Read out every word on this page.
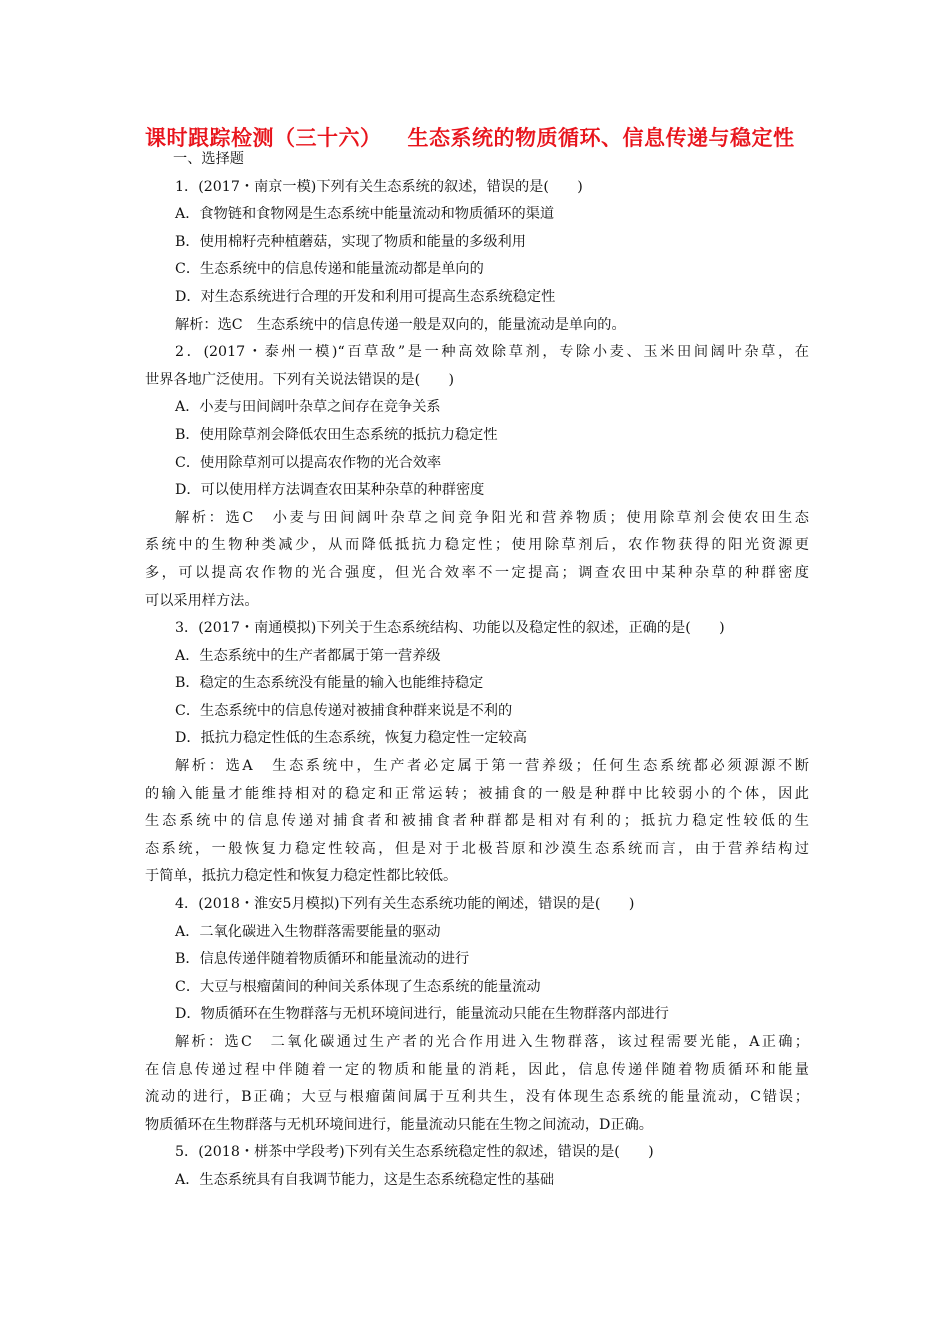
课时跟踪检测（三十六） 生态系统的物质循环、信息传递与稳定性
一、选择题
1．(2017・南京一模)下列有关生态系统的叙述，错误的是(　　)
A．食物链和食物网是生态系统中能量流动和物质循环的渠道
B．使用棉籽壳种植蘑菇，实现了物质和能量的多级利用
C．生态系统中的信息传递和能量流动都是单向的
D．对生态系统进行合理的开发和利用可提高生态系统稳定性
解析：选C　生态系统中的信息传递一般是双向的，能量流动是单向的。
2．(2017・泰州一模)“百草敌”是一种高效除草剂，专除小麦、玉米田间阔叶杂草，在
世界各地广泛使用。下列有关说法错误的是(　　)
A．小麦与田间阔叶杂草之间存在竞争关系
B．使用除草剂会降低农田生态系统的抵抗力稳定性
C．使用除草剂可以提高农作物的光合效率
D．可以使用样方法调查农田某种杂草的种群密度
解析：选C　小麦与田间阔叶杂草之间竞争阳光和营养物质；使用除草剂会使农田生态
系统中的生物种类减少，从而降低抵抗力稳定性；使用除草剂后，农作物获得的阳光资源更
多，可以提高农作物的光合强度，但光合效率不一定提高；调查农田中某种杂草的种群密度
可以采用样方法。
3．(2017・南通模拟)下列关于生态系统结构、功能以及稳定性的叙述，正确的是(　　)
A．生态系统中的生产者都属于第一营养级
B．稳定的生态系统没有能量的输入也能维持稳定
C．生态系统中的信息传递对被捕食种群来说是不利的
D．抵抗力稳定性低的生态系统，恢复力稳定性一定较高
解析：选A　生态系统中，生产者必定属于第一营养级；任何生态系统都必须源源不断
的输入能量才能维持相对的稳定和正常运转；被捕食的一般是种群中比较弱小的个体，因此
生态系统中的信息传递对捕食者和被捕食者种群都是相对有利的；抵抗力稳定性较低的生
态系统，一般恢复力稳定性较高，但是对于北极苔原和沙漠生态系统而言，由于营养结构过
于简单，抵抗力稳定性和恢复力稳定性都比较低。
4．(2018・淮安5月模拟)下列有关生态系统功能的阐述，错误的是(　　)
A．二氧化碳进入生物群落需要能量的驱动
B．信息传递伴随着物质循环和能量流动的进行
C．大豆与根瘤菌间的种间关系体现了生态系统的能量流动
D．物质循环在生物群落与无机环境间进行，能量流动只能在生物群落内部进行
解析：选C　二氧化碳通过生产者的光合作用进入生物群落，该过程需要光能，A正确；
在信息传递过程中伴随着一定的物质和能量的消耗，因此，信息传递伴随着物质循环和能量
流动的进行，B正确；大豆与根瘤菌间属于互利共生，没有体现生态系统的能量流动，C错误；
物质循环在生物群落与无机环境间进行，能量流动只能在生物之间流动，D正确。
5．(2018・栟茶中学段考)下列有关生态系统稳定性的叙述，错误的是(　　)
A．生态系统具有自我调节能力，这是生态系统稳定性的基础
